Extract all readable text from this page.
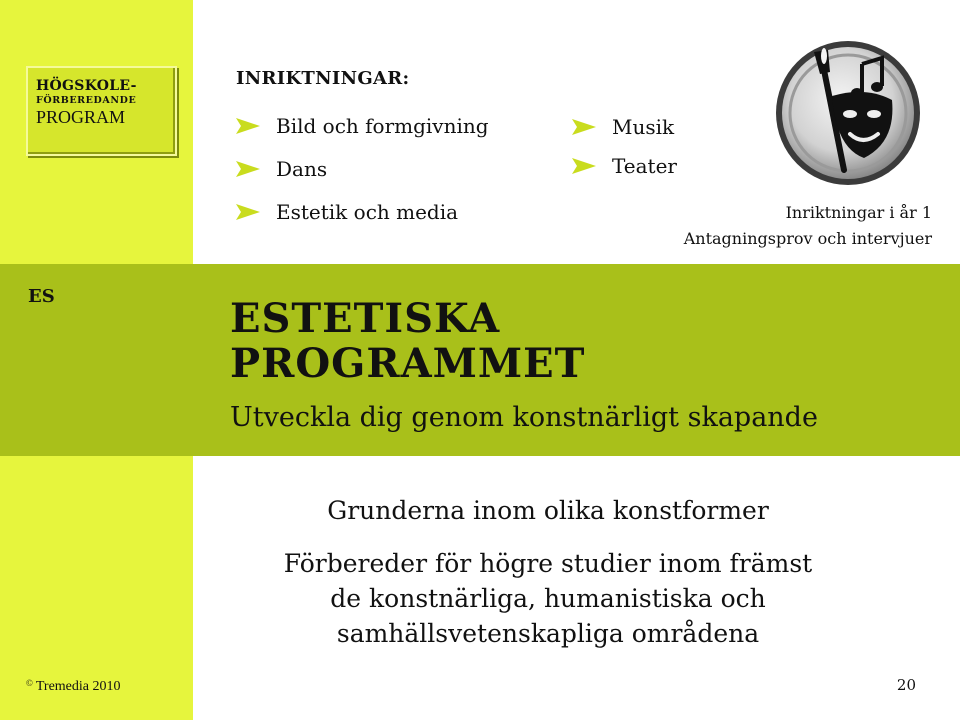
HÖGSKOLE-
FÖRBEREDANDE
PROGRAM
INRIKTNINGAR:
Bild och formgivning
Dans
Estetik och media
Musik
Teater
Inriktningar i år 1
Antagningsprov och intervjuer
ES	ESTETISKA
PROGRAMMET
Utveckla dig genom konstnärligt skapande
Grunderna inom olika konstformer
Förbereder för högre studier inom främst
de konstnärliga, humanistiska och
samhällsvetenskapliga områdena
© Tremedia 2010	20
